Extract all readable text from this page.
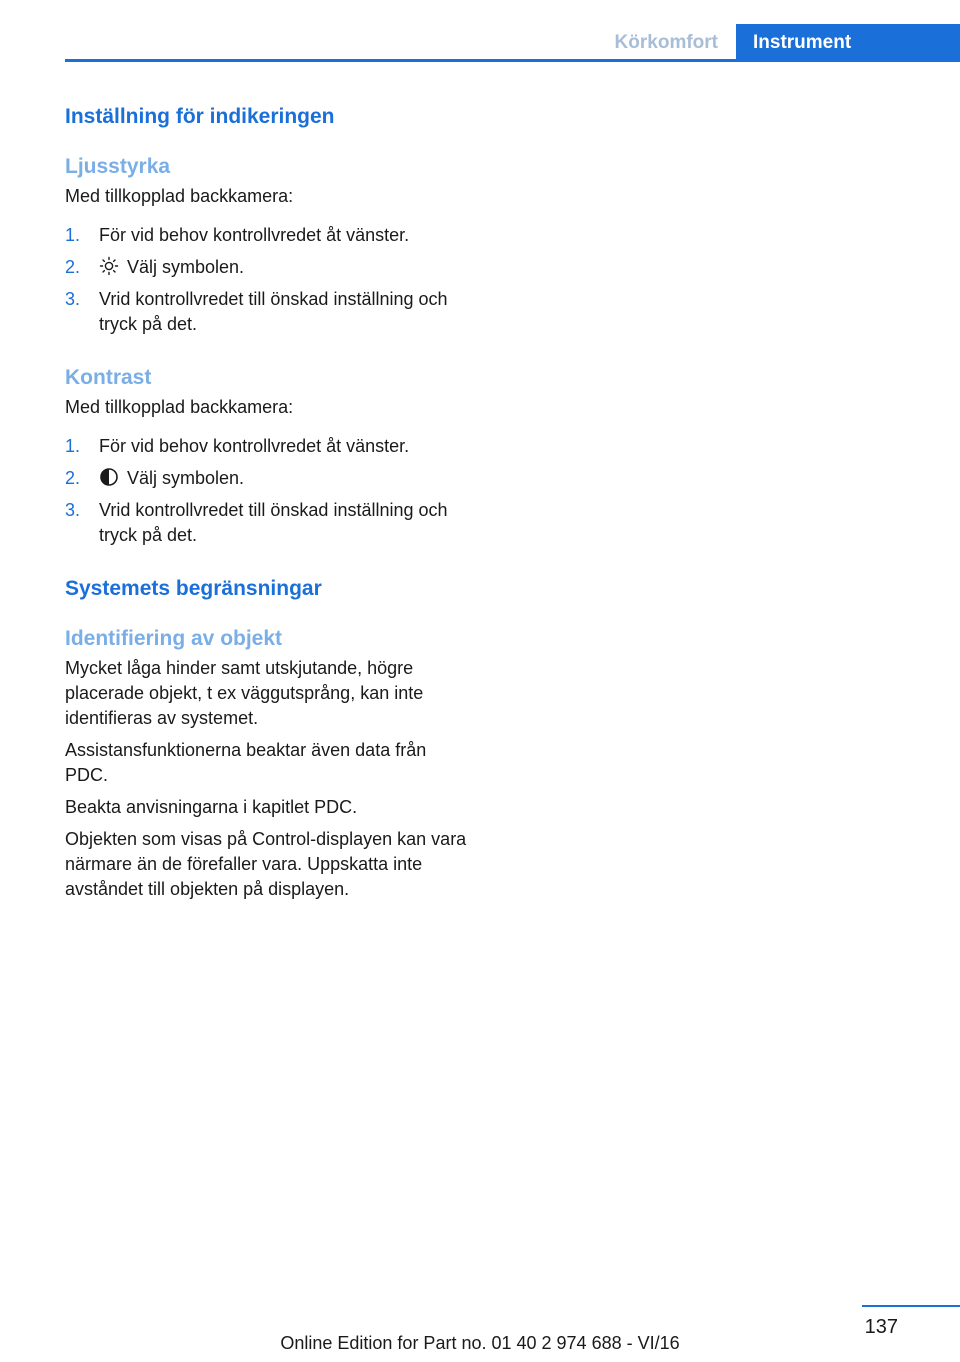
Körkomfort	Instrument
Inställning för indikeringen
Ljusstyrka

Med tillkopplad backkamera:

1. För vid behov kontrollvredet åt vänster.
2.	Välj symbolen.
3. Vrid kontrollvredet till önskad inställning och tryck på det.
Kontrast

Med tillkopplad backkamera:

1. För vid behov kontrollvredet åt vänster.
2.	Välj symbolen.
3. Vrid kontrollvredet till önskad inställning och tryck på det.
Systemets begränsningar
Identifiering av objekt

Mycket låga hinder samt utskjutande, högre placerade objekt, t ex väggutsprång, kan inte identifieras av systemet.

Assistansfunktionerna beaktar även data från PDC.

Beakta anvisningarna i kapitlet PDC.

Objekten som visas på Control-displayen kan vara närmare än de förefaller vara. Uppskatta inte avståndet till objekten på displayen.

137
Online Edition for Part no. 01 40 2 974 688 - VI/16
